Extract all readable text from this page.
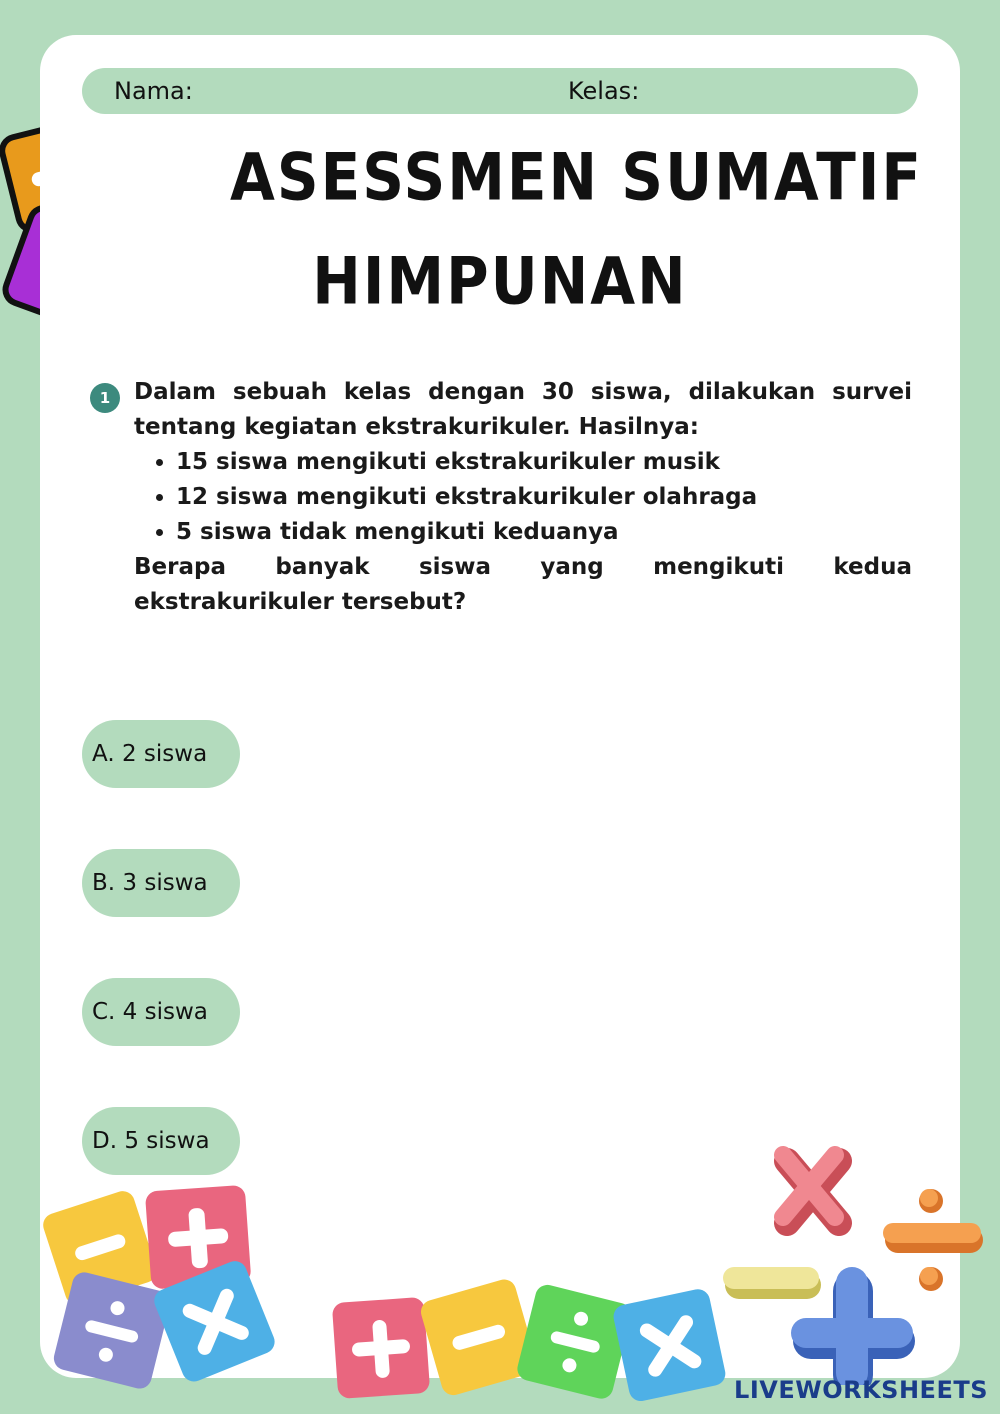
Nama:	Kelas:
ASESSMEN SUMATIF
HIMPUNAN
1	Dalam sebuah kelas dengan 30 siswa, dilakukan survei tentang kegiatan ekstrakurikuler. Hasilnya:

• 15 siswa mengikuti ekstrakurikuler musik
• 12 siswa mengikuti ekstrakurikuler olahraga
• 5 siswa tidak mengikuti keduanya

Berapa banyak siswa yang mengikuti kedua ekstrakurikuler tersebut?

A. 2 siswa
B. 3 siswa
C. 4 siswa
D. 5 siswa
LIVEWORKSHEETS
